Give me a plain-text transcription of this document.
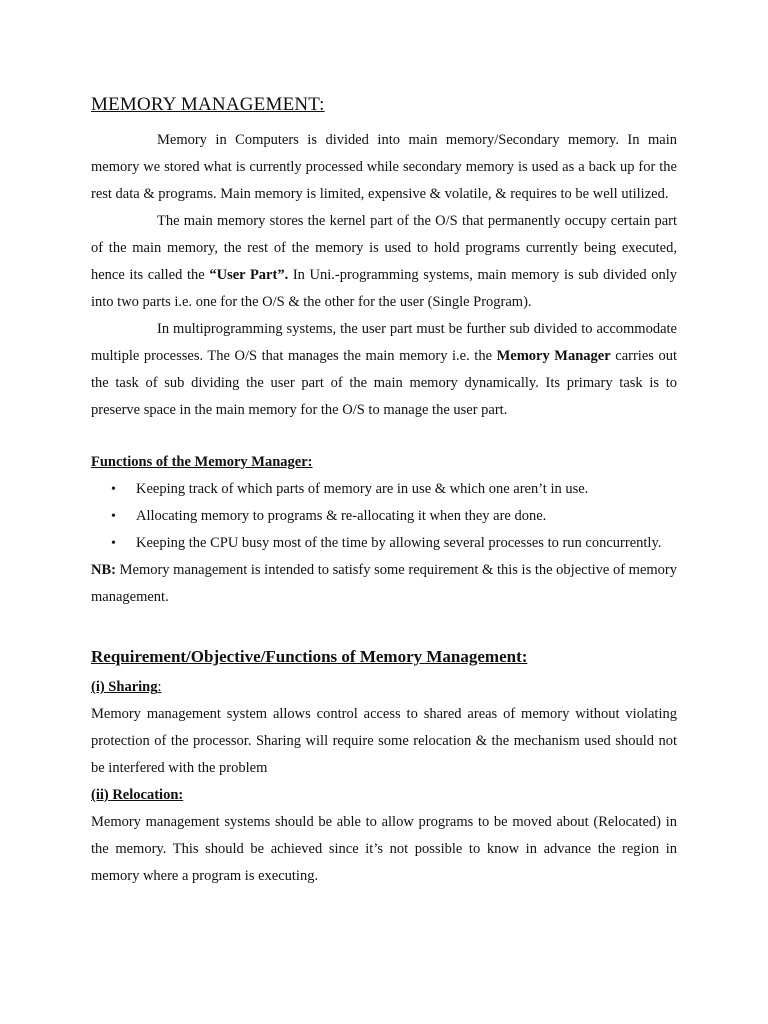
MEMORY MANAGEMENT:

Memory in Computers is divided into main memory/Secondary memory. In main memory we stored what is currently processed while secondary memory is used as a back up for the rest data & programs. Main memory is limited, expensive & volatile, & requires to be well utilized.

The main memory stores the kernel part of the O/S that permanently occupy certain part of the main memory, the rest of the memory is used to hold programs currently being executed, hence its called the “User Part”. In Uni.-programming systems, main memory is sub divided only into two parts i.e. one for the O/S & the other for the user (Single Program).

In multiprogramming systems, the user part must be further sub divided to accommodate multiple processes. The O/S that manages the main memory i.e. the Memory Manager carries out the task of sub dividing the user part of the main memory dynamically. Its primary task is to preserve space in the main memory for the O/S to manage the user part.

Functions of the Memory Manager:

• Keeping track of which parts of memory are in use & which one aren’t in use.
• Allocating memory to programs & re-allocating it when they are done.
• Keeping the CPU busy most of the time by allowing several processes to run concurrently.

NB: Memory management is intended to satisfy some requirement & this is the objective of memory management.

Requirement/Objective/Functions of Memory Management:

(i) Sharing:

Memory management system allows control access to shared areas of memory without violating protection of the processor. Sharing will require some relocation & the mechanism used should not be interfered with the problem

(ii) Relocation:

Memory management systems should be able to allow programs to be moved about (Relocated) in the memory. This should be achieved since it’s not possible to know in advance the region in memory where a program is executing.
